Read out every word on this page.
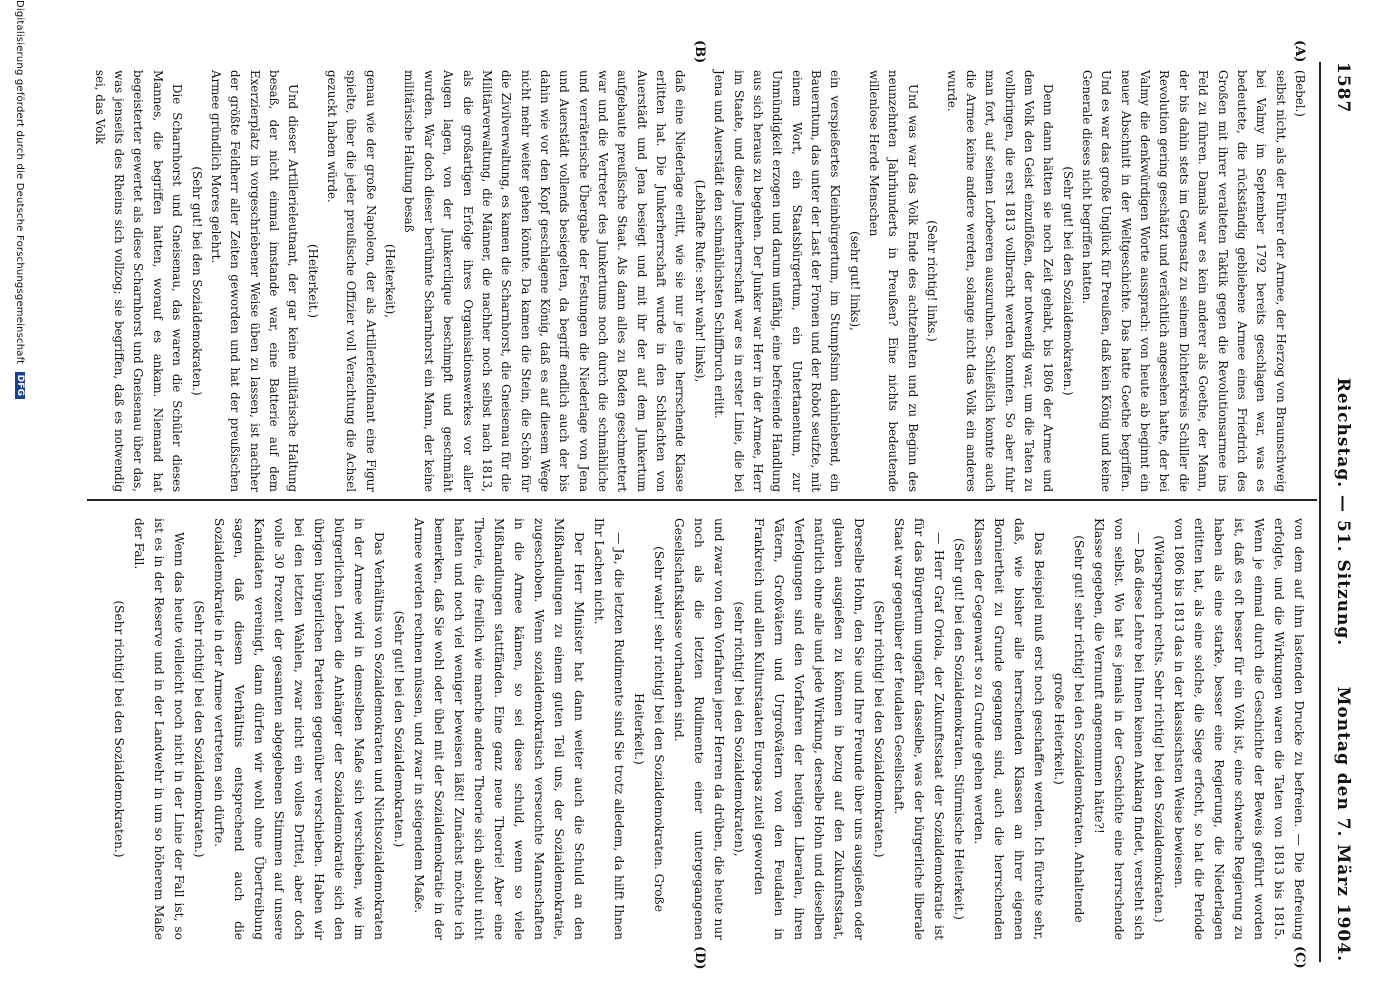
Reichstag. — 51. Sitzung.
Montag den 7. März 1904.
1587
(A)
(B)
(C)
(D)

(Bebel.)

selbst nicht, als der Führer der Armee, der Herzog von Braunschweig bei Valmy im September 1792 bereits geschlagen war, was es bedeutete, die rückständig gebliebene Armee eines Friedrich des Großen mit ihrer veralteten Taktik gegen die Revolutionsarmee ins Feld zu führen. Damals war es kein anderer als Goethe, der Mann, der bis dahin stets im Gegensatz zu seinem Dichterkreis Schiller die Revolution gering geschätzt und verächtlich angesehen hatte, der bei Valmy die denkwürdigen Worte aussprach: von heute ab beginnt ein neuer Abschnitt in der Weltgeschichte. Das hatte Goethe begriffen. Und es war das große Unglück für Preußen, daß kein König und keine Generale dieses nicht begriffen hatten.

(Sehr gut! bei den Sozialdemokraten.)

Denn dann hätten sie noch Zeit gehabt, bis 1806 der Armee und dem Volk den Geist einzuflößen, der notwendig war, um die Taten zu vollbringen, die erst 1813 vollbracht werden konnten. So aber fuhr man fort, auf seinen Lorbeeren auszuruhen. Schließlich konnte auch die Armee keine andere werden, solange nicht das Volk ein anderes wurde.

(Sehr richtig! links.)

Und was war das Volk Ende des achtzehnten und zu Beginn des neunzehnten Jahrhunderts in Preußen? Eine nichts bedeutende willenlose Herde Menschen

(sehr gut! links),

ein verspießertes Kleinbürgertum, im Stumpfsinn dahinlebend, ein Bauerntum, das unter der Last der Fronen und der Robot seufzte, mit einem Wort, ein Staatsbürgertum, ein Untertanentum, zur Unmündigkeit erzogen und darum unfähig, eine befreiende Handlung aus sich heraus zu begehen. Der Junker war Herr in der Armee, Herr im Staate, und diese Junkerherrschaft war es in erster Linie, die bei Jena und Auerstädt den schmählichsten Schiffbruch erlitt.

(Lebhafte Rufe: sehr wahr! links),

daß eine Niederlage erlitt, wie sie nur je eine herrschende Klasse erlitten hat. Die Junkerherrschaft wurde in den Schlachten von Auerstädt und Jena besiegt und mit ihr der auf dem Junkertum aufgebaute preußische Staat. Als dann alles zu Boden geschmettert war und die Vertreter des Junkertums noch durch die schmähliche und verräterische Übergabe der Festungen die Niederlage von Jena und Auerstädt vollends besiegelten, da begriff endlich auch der bis dahin wie vor den Kopf geschlagene König, daß es auf diesem Wege nicht mehr weiter gehen könnte. Da kamen die Stein, die Schön für die Zivilverwaltung, es kamen die Scharnhorst, die Gneisenau für die Militärverwaltung, die Männer, die nachher noch selbst nach 1813, als die großartigen Erfolge ihres Organisationswerkes vor aller Augen lagen, von der Junkerclique beschimpft und geschmäht wurden. War doch dieser berühmte Scharnhorst ein Mann, der keine militärische Haltung besaß

(Heiterkeit),

genau wie der große Napoleon, der als Artilleriefeldnant eine Figur spielte, über die jeder preußische Offizier voll Verachtung die Achsel gezuckt haben würde.

(Heiterkeit.)

Und dieser Artillerieleutnant, der gar keine militärische Haltung besaß, der nicht einmal imstande war, eine Batterie auf dem Exerzierplatz in vorgeschriebener Weise üben zu lassen, ist nachher der größte Feldherr aller Zeiten geworden und hat der preußischen Armee gründlich Mores gelehrt.

(Sehr gut! bei den Sozialdemokraten.)

Die Scharnhorst und Gneisenau, das waren die Schüler dieses Mannes, die begriffen hatten, worauf es ankam. Niemand hat begeisterter gewertet als diese Scharnhorst und Gneisenau über das, was jenseits des Rheins sich vollzog; sie begriffen, daß es notwendig sei, das Volk

von dem auf ihm lastenden Drucke zu befreien. — Die Befreiung erfolgte, und die Wirkungen waren die Taten von 1813 bis 1815. Wenn je einmal durch die Geschichte der Beweis geführt worden ist, daß es oft besser für ein Volk ist, eine schwache Regierung zu haben als eine starke, besser eine Regierung, die Niederlagen erlitten hat, als eine solche, die Siege erfocht, so hat die Periode von 1806 bis 1813 das in der klassischsten Weise bewiesen.

(Widerspruch rechts. Sehr richtig! bei den Sozialdemokraten.)

— Daß diese Lehre bei Ihnen keinen Anklang findet, versteht sich von selbst. Wo hat es jemals in der Geschichte eine herrschende Klasse gegeben, die Vernunft angenommen hätte?!

(Sehr gut! sehr richtig! bei den Sozialdemokraten. Anhaltende große Heiterkeit.)

Das Beispiel muß erst noch geschaffen werden. Ich fürchte sehr, daß, wie bisher alle herrschenden Klassen an ihrer eigenen Borniertheit zu Grunde gegangen sind, auch die herrschenden Klassen der Gegenwart so zu Grunde gehen werden.

(Sehr gut! bei den Sozialdemokraten. Stürmische Heiterkeit.)

— Herr Graf Oriola, der Zukunftsstaat der Sozialdemokratie ist für das Bürgertum ungefähr dasselbe, was der bürgerliche liberale Staat war gegenüber der feudalen Gesellschaft.

(Sehr richtig! bei den Sozialdemokraten.)

Derselbe Hohn, den Sie und Ihre Freunde über uns ausgießen oder glauben ausgießen zu können in bezug auf den Zukunftsstaat, natürlich ohne alle und jede Wirkung, derselbe Hohn und dieselben Verfolgungen sind den Vorfahren der heutigen Liberalen, ihren Vätern, Großvätern und Urgroßvätern von den Feudalen in Frankreich und allen Kulturstaaten Europas zuteil geworden

(sehr richtig! bei den Sozialdemokraten),

und zwar von den Vorfahren jener Herren da drüben, die heute nur noch als die letzten Rudimente einer untergegangenen Gesellschaftsklasse vorhanden sind.

(Sehr wahr! sehr richtig! bei den Sozialdemokraten. Große Heiterkeit.)

— Ja, die letzten Rudimente sind Sie trotz alledem, da hilft Ihnen Ihr Lachen nicht.

Der Herr Minister hat dann weiter auch die Schuld an den Mißhandlungen zu einem guten Teil uns, der Sozialdemokratie, zugeschoben. Wenn sozialdemokratisch verseuchte Mannschaften in die Armee kämen, so sei diese schuld, wenn so viele Mißhandlungen stattfänden. Eine ganz neue Theorie! Aber eine Theorie, die freilich wie manche andere Theorie sich absolut nicht halten und noch viel weniger beweisen läßt! Zunächst möchte ich bemerken, daß Sie wohl oder übel mit der Sozialdemokratie in der Armee werden rechnen müssen, und zwar in steigendem Maße.

(Sehr gut! bei den Sozialdemokraten.)

Das Verhältnis von Sozialdemokraten und Nichtsozialdemokraten in der Armee wird in demselben Maße sich verschieben, wie im bürgerlichen Leben die Anhänger der Sozialdemokratie sich den übrigen bürgerlichen Parteien gegenüber verschieben. Haben wir bei den letzten Wahlen, zwar nicht ein volles Drittel, aber doch volle 30 Prozent der gesamten abgegebenen Stimmen auf unsere Kandidaten vereinigt, dann dürfen wir wohl ohne Übertreibung sagen, daß diesem Verhältnis entsprechend auch die Sozialdemokratie in der Armee vertreten sein dürfte.

(Sehr richtig! bei den Sozialdemokraten.)

Wenn das heute vielleicht noch nicht in der Linie der Fall ist, so ist es in der Reserve und in der Landwehr in um so höherem Maße der Fall.

(Sehr richtig! bei den Sozialdemokraten.)

Digitalisierung gefördert durch die Deutsche Forschungsgemeinschaft DFG
